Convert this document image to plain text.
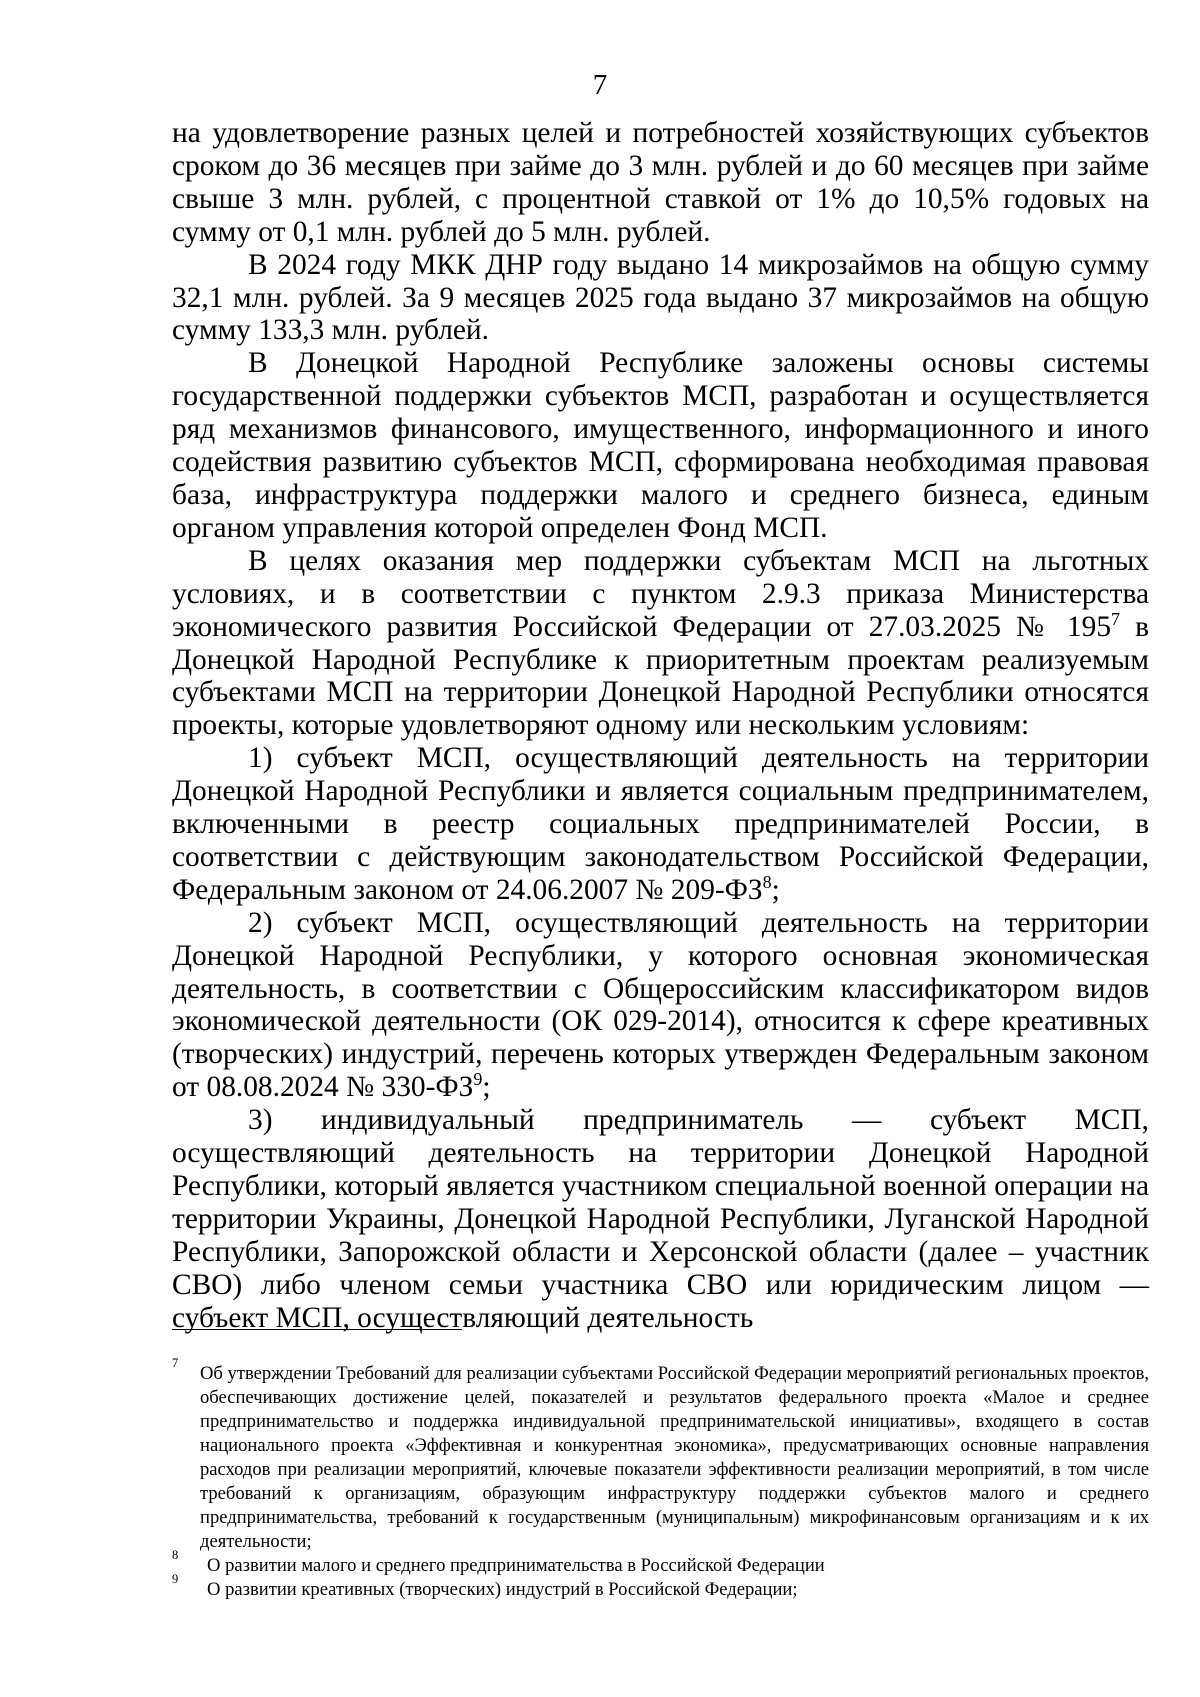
7

на удовлетворение разных целей и потребностей хозяйствующих субъектов сроком до 36 месяцев при займе до 3 млн. рублей и до 60 месяцев при займе свыше 3 млн. рублей, с процентной ставкой от 1% до 10,5% годовых на сумму от 0,1 млн. рублей до 5 млн. рублей.

В 2024 году МКК ДНР году выдано 14 микрозаймов на общую сумму 32,1 млн. рублей. За 9 месяцев 2025 года выдано 37 микрозаймов на общую сумму 133,3 млн. рублей.

В Донецкой Народной Республике заложены основы системы государственной поддержки субъектов МСП, разработан и осуществляется ряд механизмов финансового, имущественного, информационного и иного содействия развитию субъектов МСП, сформирована необходимая правовая база, инфраструктура поддержки малого и среднего бизнеса, единым органом управления которой определен Фонд МСП.

В целях оказания мер поддержки субъектам МСП на льготных условиях, и в соответствии с пунктом 2.9.3 приказа Министерства экономического развития Российской Федерации от 27.03.2025 № $195^7$ в Донецкой Народной Республике к приоритетным проектам реализуемым субъектами МСП на территории Донецкой Народной Республики относятся проекты, которые удовлетворяют одному или нескольким условиям:

1) субъект МСП, осуществляющий деятельность на территории Донецкой Народной Республики и является социальным предпринимателем, включенными в реестр социальных предпринимателей России, в соответствии с действующим законодательством Российской Федерации, Федеральным законом от 24.06.2007 № $209-ФЗ^8$;

2) субъект МСП, осуществляющий деятельность на территории Донецкой Народной Республики, у которого основная экономическая деятельность, в соответствии с Общероссийским классификатором видов экономической деятельности (ОК 029-2014), относится к сфере креативных (творческих) индустрий, перечень которых утвержден Федеральным законом от 08.08.2024 № $330-ФЗ^9$;

3) индивидуальный предприниматель — субъект МСП, осуществляющий деятельность на территории Донецкой Народной Республики, который является участником специальной военной операции на территории Украины, Донецкой Народной Республики, Луганской Народной Республики, Запорожской области и Херсонской области (далее – участник СВО) либо членом семьи участника СВО или юридическим лицом — субъект МСП, осуществляющий деятельность

7 Об утверждении Требований для реализации субъектами Российской Федерации мероприятий региональных проектов, обеспечивающих достижение целей, показателей и результатов федерального проекта «Малое и среднее предпринимательство и поддержка индивидуальной предпринимательской инициативы», входящего в состав национального проекта «Эффективная и конкурентная экономика», предусматривающих основные направления расходов при реализации мероприятий, ключевые показатели эффективности реализации мероприятий, в том числе требований к организациям, образующим инфраструктуру поддержки субъектов малого и среднего предпринимательства, требований к государственным (муниципальным) микрофинансовым организациям и к их деятельности;

8	О развитии малого и среднего предпринимательства в Российской Федерации

9	О развитии креативных (творческих) индустрий в Российской Федерации;
